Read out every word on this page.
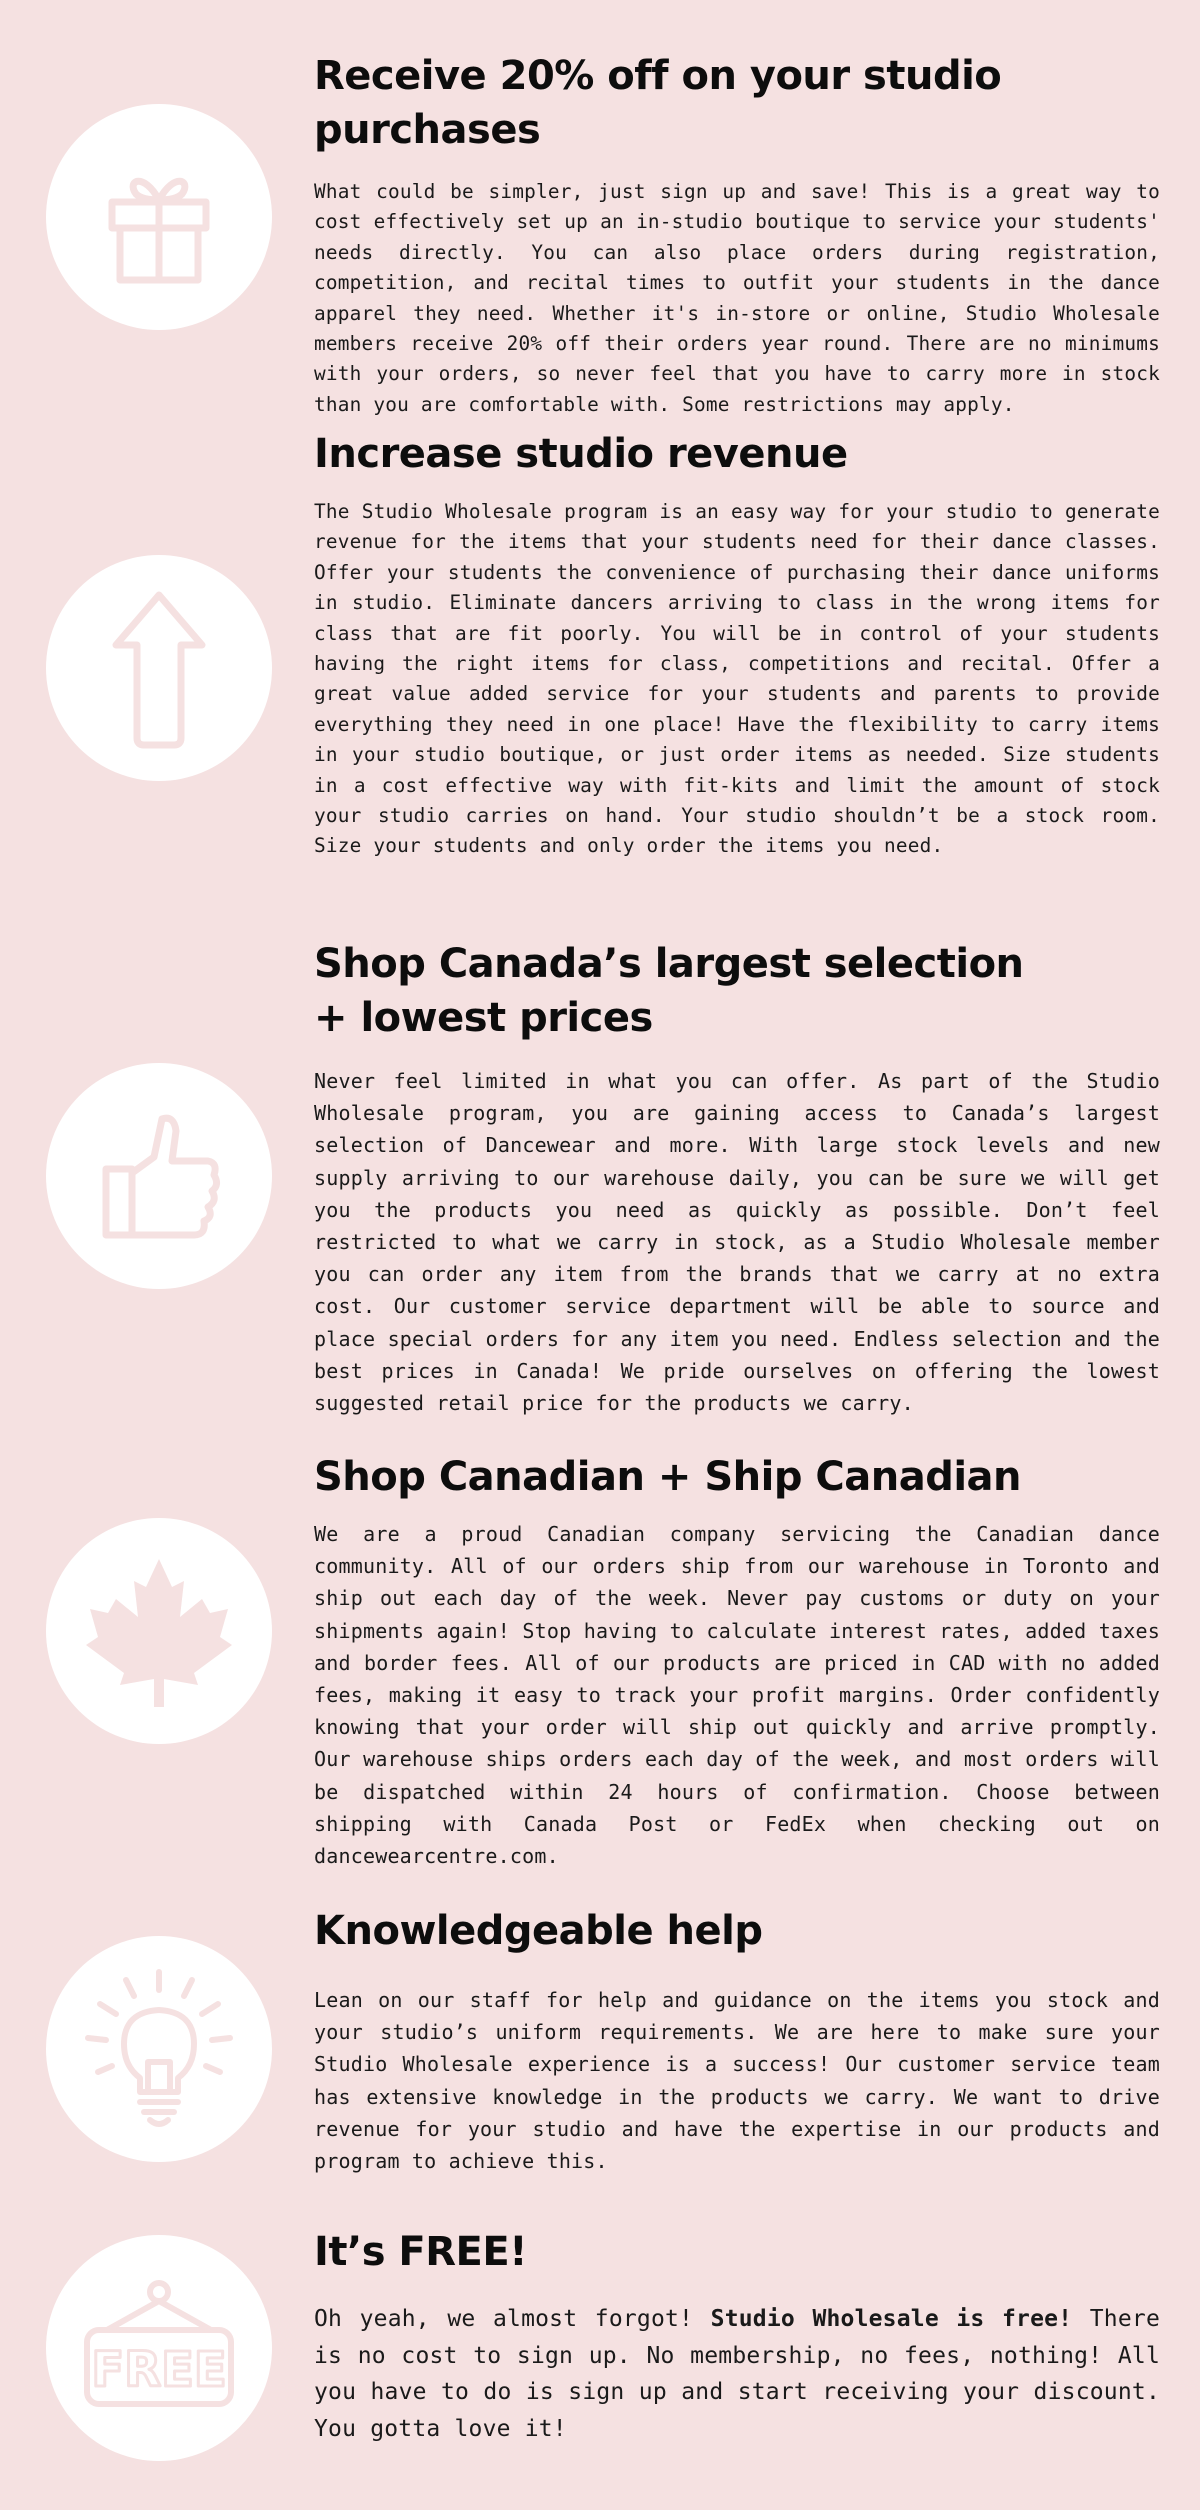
Receive 20% off on your studio purchases

What could be simpler, just sign up and save! This is a great way to cost effectively set up an in-studio boutique to service your students' needs directly. You can also place orders during registration, competition, and recital times to outfit your students in the dance apparel they need. Whether it's in-store or online, Studio Wholesale members receive 20% off their orders year round. There are no minimums with your orders, so never feel that you have to carry more in stock than you are comfortable with. Some restrictions may apply.

Increase studio revenue

The Studio Wholesale program is an easy way for your studio to generate revenue for the items that your students need for their dance classes. Offer your students the convenience of purchasing their dance uniforms in studio. Eliminate dancers arriving to class in the wrong items for class that are fit poorly. You will be in control of your students having the right items for class, competitions and recital. Offer a great value added service for your students and parents to provide everything they need in one place! Have the flexibility to carry items in your studio boutique, or just order items as needed. Size students in a cost effective way with fit-kits and limit the amount of stock your studio carries on hand. Your studio shouldn’t be a stock room. Size your students and only order the items you need.

Shop Canada’s largest selection
+ lowest prices

Never feel limited in what you can offer. As part of the Studio Wholesale program, you are gaining access to Canada’s largest selection of Dancewear and more. With large stock levels and new supply arriving to our warehouse daily, you can be sure we will get you the products you need as quickly as possible. Don’t feel restricted to what we carry in stock, as a Studio Wholesale member you can order any item from the brands that we carry at no extra cost. Our customer service department will be able to source and place special orders for any item you need. Endless selection and the best prices in Canada! We pride ourselves on offering the lowest suggested retail price for the products we carry.

Shop Canadian + Ship Canadian

We are a proud Canadian company servicing the Canadian dance community. All of our orders ship from our warehouse in Toronto and ship out each day of the week. Never pay customs or duty on your shipments again! Stop having to calculate interest rates, added taxes and border fees. All of our products are priced in CAD with no added fees, making it easy to track your profit margins. Order confidently knowing that your order will ship out quickly and arrive promptly. Our warehouse ships orders each day of the week, and most orders will be dispatched within 24 hours of confirmation. Choose between shipping with Canada Post or FedEx when checking out on dancewearcentre.com.

Knowledgeable help

Lean on our staff for help and guidance on the items you stock and your studio’s uniform requirements. We are here to make sure your Studio Wholesale experience is a success! Our customer service team has extensive knowledge in the products we carry. We want to drive revenue for your studio and have the expertise in our products and program to achieve this.

FREE
It’s FREE!

Oh yeah, we almost forgot! Studio Wholesale is free! There is no cost to sign up. No membership, no fees, nothing! All you have to do is sign up and start receiving your discount. You gotta love it!
